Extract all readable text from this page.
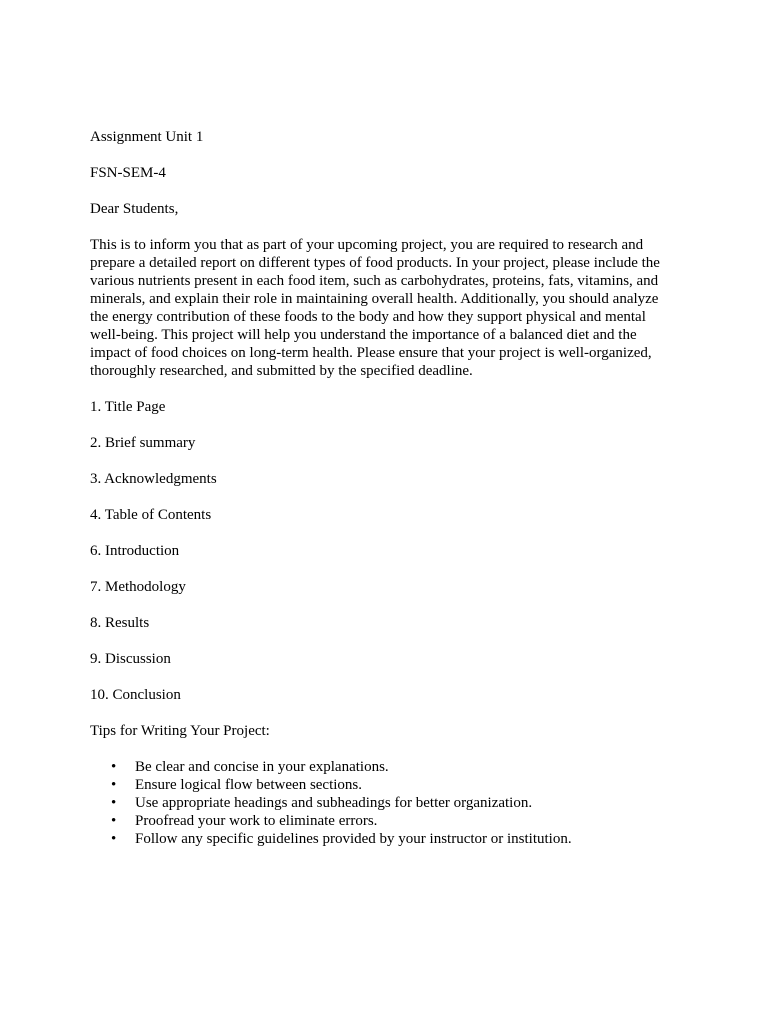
Assignment Unit 1

FSN-SEM-4

Dear Students,

This is to inform you that as part of your upcoming project, you are required to research and prepare a detailed report on different types of food products. In your project, please include the various nutrients present in each food item, such as carbohydrates, proteins, fats, vitamins, and minerals, and explain their role in maintaining overall health. Additionally, you should analyze the energy contribution of these foods to the body and how they support physical and mental well-being. This project will help you understand the importance of a balanced diet and the impact of food choices on long-term health. Please ensure that your project is well-organized, thoroughly researched, and submitted by the specified deadline.

1. Title Page

2. Brief summary

3. Acknowledgments

4. Table of Contents

6. Introduction

7. Methodology

8. Results

9. Discussion

10. Conclusion

Tips for Writing Your Project:

• Be clear and concise in your explanations.
• Ensure logical flow between sections.
• Use appropriate headings and subheadings for better organization.
• Proofread your work to eliminate errors.
• Follow any specific guidelines provided by your instructor or institution.
